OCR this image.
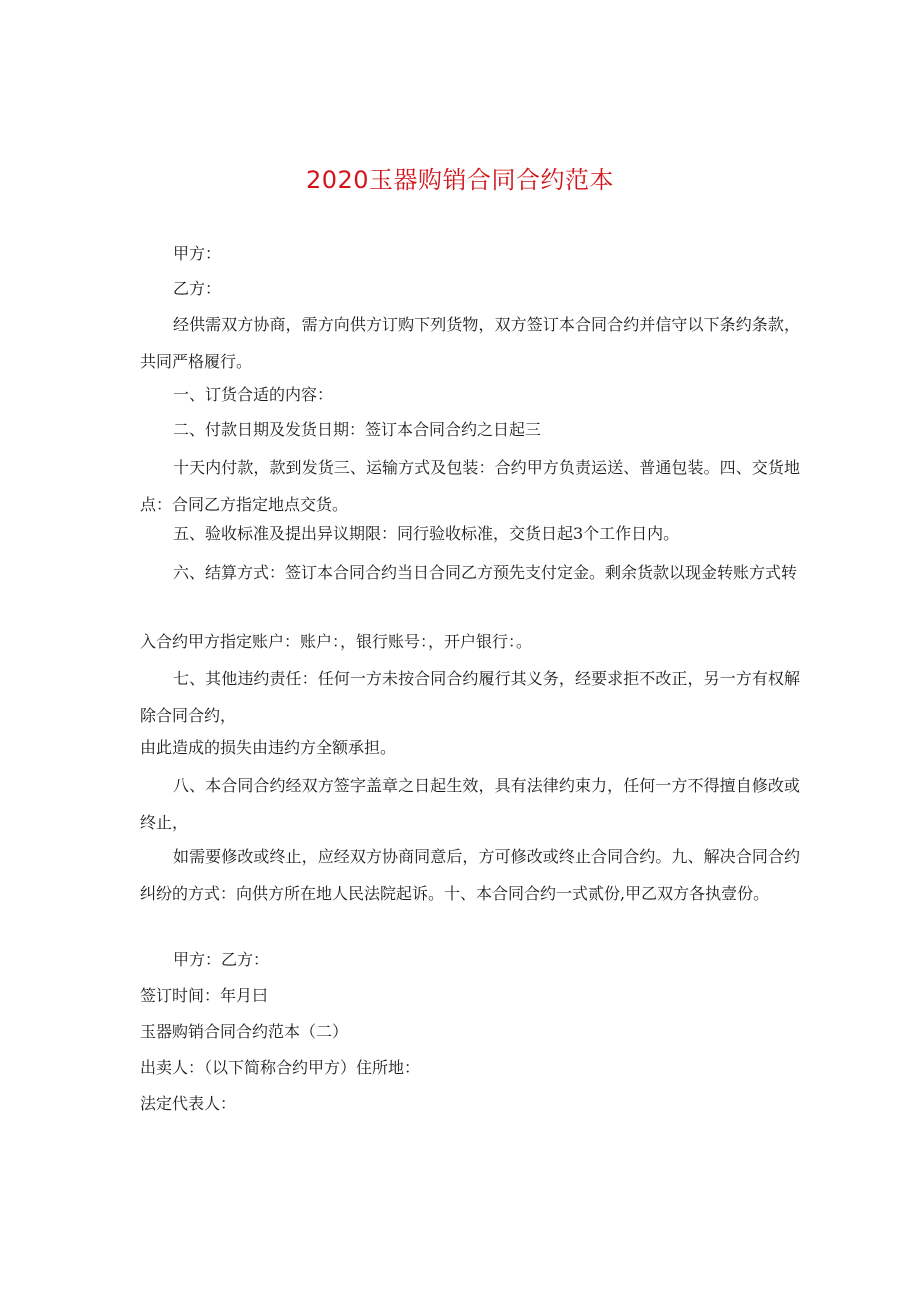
2020玉器购销合同合约范本
甲方：
乙方：
经供需双方协商，需方向供方订购下列货物，双方签订本合同合约并信守以下条约条款，共同严格履行。
一、订货合适的内容：
二、付款日期及发货日期：签订本合同合约之日起三
十天内付款，款到发货三、运输方式及包装：合约甲方负责运送、普通包装。四、交货地点：合同乙方指定地点交货。
五、验收标准及提出异议期限：同行验收标准，交货日起3个工作日内。
六、结算方式：签订本合同合约当日合同乙方预先支付定金。剩余货款以现金转账方式转
入合约甲方指定账户：账户：，银行账号：，开户银行：。
七、其他违约责任：任何一方未按合同合约履行其义务，经要求拒不改正，另一方有权解除合同合约，
由此造成的损失由违约方全额承担。
八、本合同合约经双方签字盖章之日起生效，具有法律约束力，任何一方不得擅自修改或终止，
如需要修改或终止，应经双方协商同意后，方可修改或终止合同合约。九、解决合同合约纠纷的方式：向供方所在地人民法院起诉。十、本合同合约一式贰份,甲乙双方各执壹份。
甲方：乙方：
签订时间：年月曰
玉器购销合同合约范本（二）
出卖人：（以下简称合约甲方）住所地：
法定代表人：
